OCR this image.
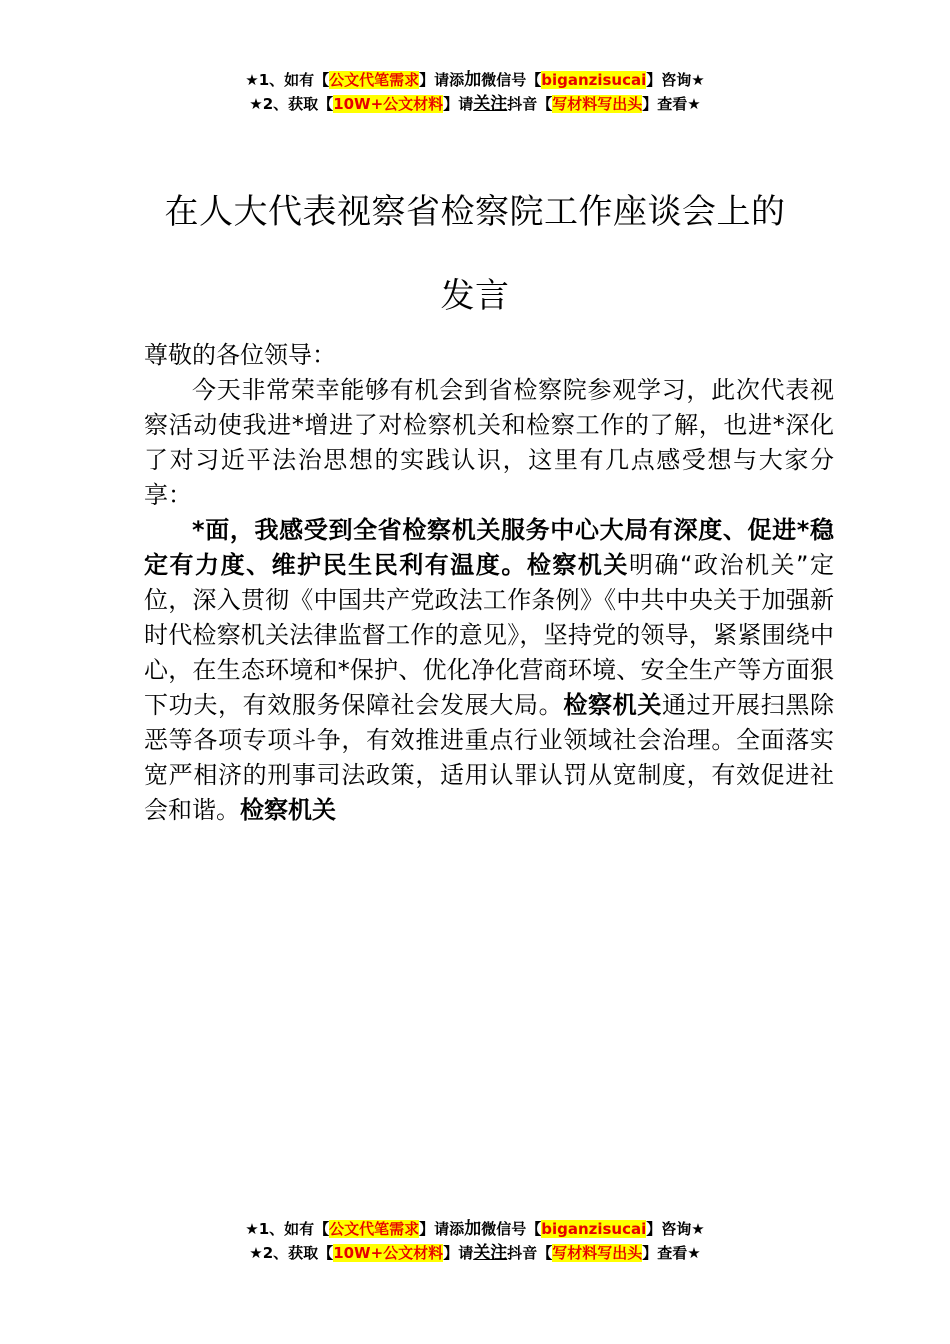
★1、如有【公文代笔需求】请添加微信号【biganzisucai】咨询★
★2、获取【10W+公文材料】请关注抖音【写材料写出头】查看★
在人大代表视察省检察院工作座谈会上的
发言

尊敬的各位领导：

今天非常荣幸能够有机会到省检察院参观学习，此次代表视察活动使我进*增进了对检察机关和检察工作的了解，也进*深化了对习近平法治思想的实践认识，这里有几点感受想与大家分享：

*面，我感受到全省检察机关服务中心大局有深度、促进*稳定有力度、维护民生民利有温度。检察机关明确“政治机关”定位，深入贯彻《中国共产党政法工作条例》《中共中央关于加强新时代检察机关法律监督工作的意见》，坚持党的领导，紧紧围绕中心，在生态环境和*保护、优化净化营商环境、安全生产等方面狠下功夫，有效服务保障社会发展大局。检察机关通过开展扫黑除恶等各项专项斗争，有效推进重点行业领域社会治理。全面落实宽严相济的刑事司法政策，适用认罪认罚从宽制度，有效促进社会和谐。检察机关

★1、如有【公文代笔需求】请添加微信号【biganzisucai】咨询★
★2、获取【10W+公文材料】请关注抖音【写材料写出头】查看★
